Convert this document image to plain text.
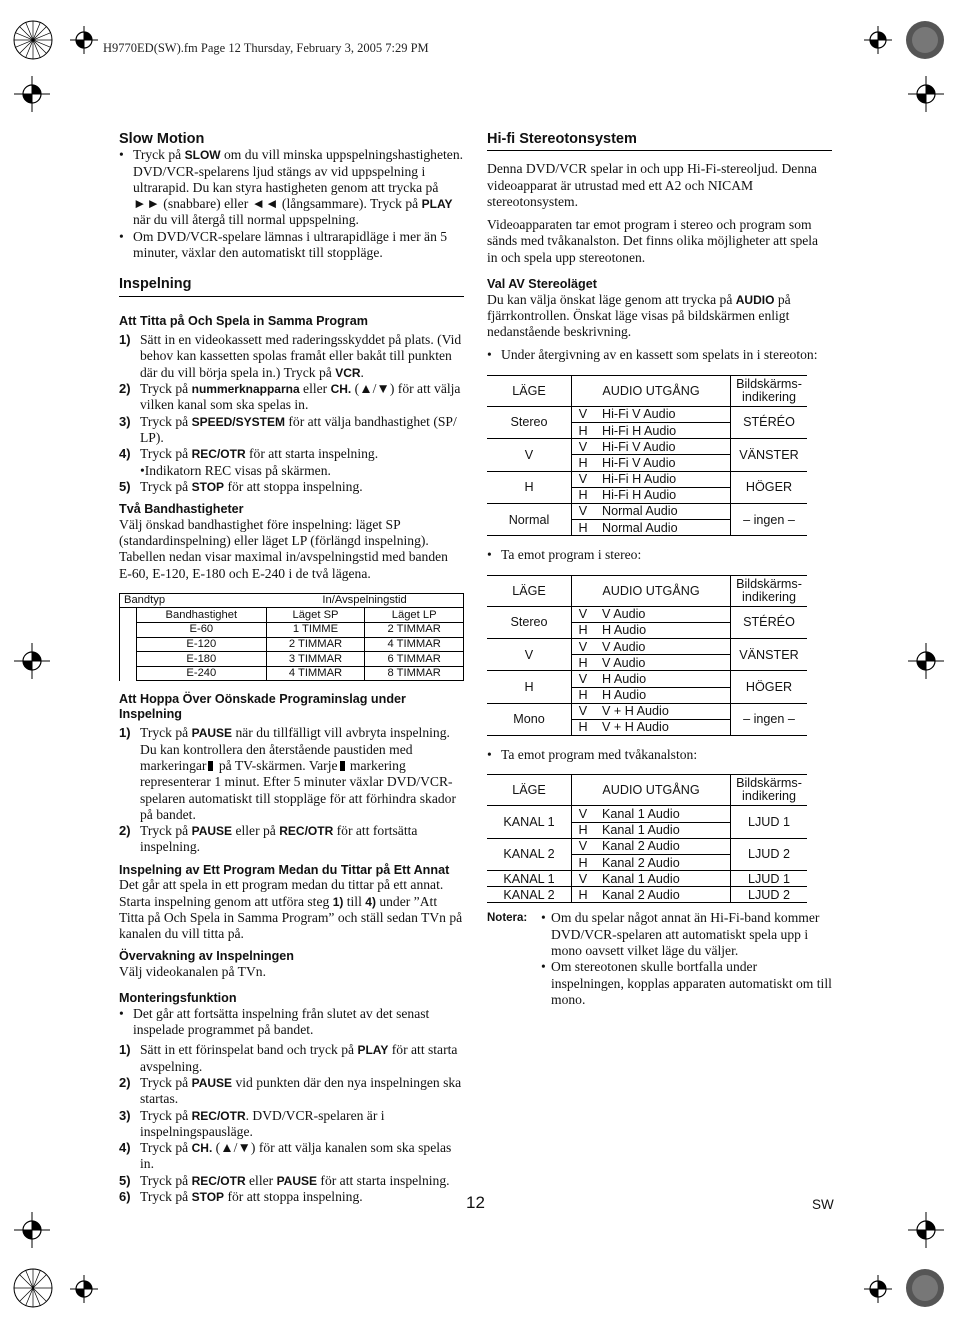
H9770ED(SW).fm Page 12 Thursday, February 3, 2005 7:29 PM
Slow Motion

• Tryck på SLOW om du vill minska uppspelningshastigheten. DVD/VCR-spelarens ljud stängs av vid uppspelning i ultrarapid. Du kan styra hastigheten genom att trycka på ►► (snabbare) eller ◄◄ (långsammare). Tryck på PLAY när du vill återgå till normal uppspelning.

• Om DVD/VCR-spelare lämnas i ultrarapidläge i mer än 5 minuter, växlar den automatiskt till stoppläge.

Inspelning
Att Titta på Och Spela in Samma Program

1) Sätt in en videokassett med raderingsskyddet på plats. (Vid behov kan kassetten spolas framåt eller bakåt till punkten där du vill börja spela in.) Tryck på VCR.

2) Tryck på nummerknapparna eller CH. (▲/▼) för att välja vilken kanal som ska spelas in.

3) Tryck på SPEED/SYSTEM för att välja bandhastighet (SP/ LP).

4) Tryck på REC/OTR för att starta inspelning.
•Indikatorn REC visas på skärmen.

5) Tryck på STOP för att stoppa inspelning.

Två Bandhastigheter

Välj önskad bandhastighet före inspelning: läget SP (standardinspelning) eller läget LP (förlängd inspelning). Tabellen nedan visar maximal in/avspelningstid med banden E-60, E-120, E-180 och E-240 i de två lägena.

Bandtyp		In/Avspelningstid	
	Bandhastighet	Läget SP	Läget LP
	E-60	1 TIMME	2 TIMMAR
	E-120	2 TIMMAR	4 TIMMAR
	E-180	3 TIMMAR	6 TIMMAR
	E-240	4 TIMMAR	8 TIMMAR
Att Hoppa Över Oönskade Programinslag under Inspelning

1) Tryck på PAUSE när du tillfälligt vill avbryta inspelning. Du kan kontrollera den återstående paustiden med markeringar på TV-skärmen. Varje markering representerar 1 minut. Efter 5 minuter växlar DVD/VCR-spelaren automatiskt till stoppläge för att förhindra skador på bandet.

2) Tryck på PAUSE eller på REC/OTR för att fortsätta inspelning.

Inspelning av Ett Program Medan du Tittar på Ett Annat

Det går att spela in ett program medan du tittar på ett annat. Starta inspelning genom att utföra steg 1) till 4) under ”Att Titta på Och Spela in Samma Program” och ställ sedan TVn på kanalen du vill titta på.

Övervakning av Inspelningen

Välj videokanalen på TVn.

Monteringsfunktion

• Det går att fortsätta inspelning från slutet av det senast inspelade programmet på bandet.

1) Sätt in ett förinspelat band och tryck på PLAY för att starta avspelning.

2) Tryck på PAUSE vid punkten där den nya inspelningen ska startas.

3) Tryck på REC/OTR. DVD/VCR-spelaren är i inspelningspausläge.

4) Tryck på CH. (▲/▼) för att välja kanalen som ska spelas in.

5) Tryck på REC/OTR eller PAUSE för att starta inspelning.

6) Tryck på STOP för att stoppa inspelning.

Hi-fi Stereotonsystem

Denna DVD/VCR spelar in och upp Hi-Fi-stereoljud. Denna videoapparat är utrustad med ett A2 och NICAM stereotonsystem.

Videoapparaten tar emot program i stereo och program som sänds med tvåkanalston. Det finns olika möjligheter att spela in och spela upp stereotonen.

Val AV Stereoläget

Du kan välja önskat läge genom att trycka på AUDIO på fjärrkontrollen. Önskat läge visas på bildskärmen enligt nedanstående beskrivning.

• Under återgivning av en kassett som spelats in i stereoton:

LÄGE	AUDIO UTGÅNG		Bildskärms-indikering
Stereo	V	Hi-Fi V Audio	STÉRÉO
	H	Hi-Fi H Audio	
V	V	Hi-Fi V Audio	VÄNSTER
	H	Hi-Fi V Audio	
H	V	Hi-Fi H Audio	HÖGER
	H	Hi-Fi H Audio	
Normal	V	Normal Audio	– ingen –
	H	Normal Audio	

• Ta emot program i stereo:

LÄGE	AUDIO UTGÅNG		Bildskärms-indikering
Stereo	V	V Audio	STÉRÉO
	H	H Audio	
V	V	V Audio	VÄNSTER
	H	V Audio	
H	V	H Audio	HÖGER
	H	H Audio	
Mono	V	V + H Audio	– ingen –
	H	V + H Audio	

• Ta emot program med tvåkanalston:

LÄGE	AUDIO UTGÅNG		Bildskärms-indikering
KANAL 1	V	Kanal 1 Audio	LJUD 1
	H	Kanal 1 Audio	
KANAL 2	V	Kanal 2 Audio	LJUD 2
	H	Kanal 2 Audio	
KANAL 1	V	Kanal 1 Audio	LJUD 1
KANAL 2	H	Kanal 2 Audio	LJUD 2
Notera:	• Om du spelar något annat än Hi-Fi-band kommer DVD/VCR-spelaren att automatiskt spela upp i mono oavsett vilket läge du väljer.

• Om stereotonen skulle bortfalla under inspelningen, kopplas apparaten automatiskt om till mono.

12	SW
